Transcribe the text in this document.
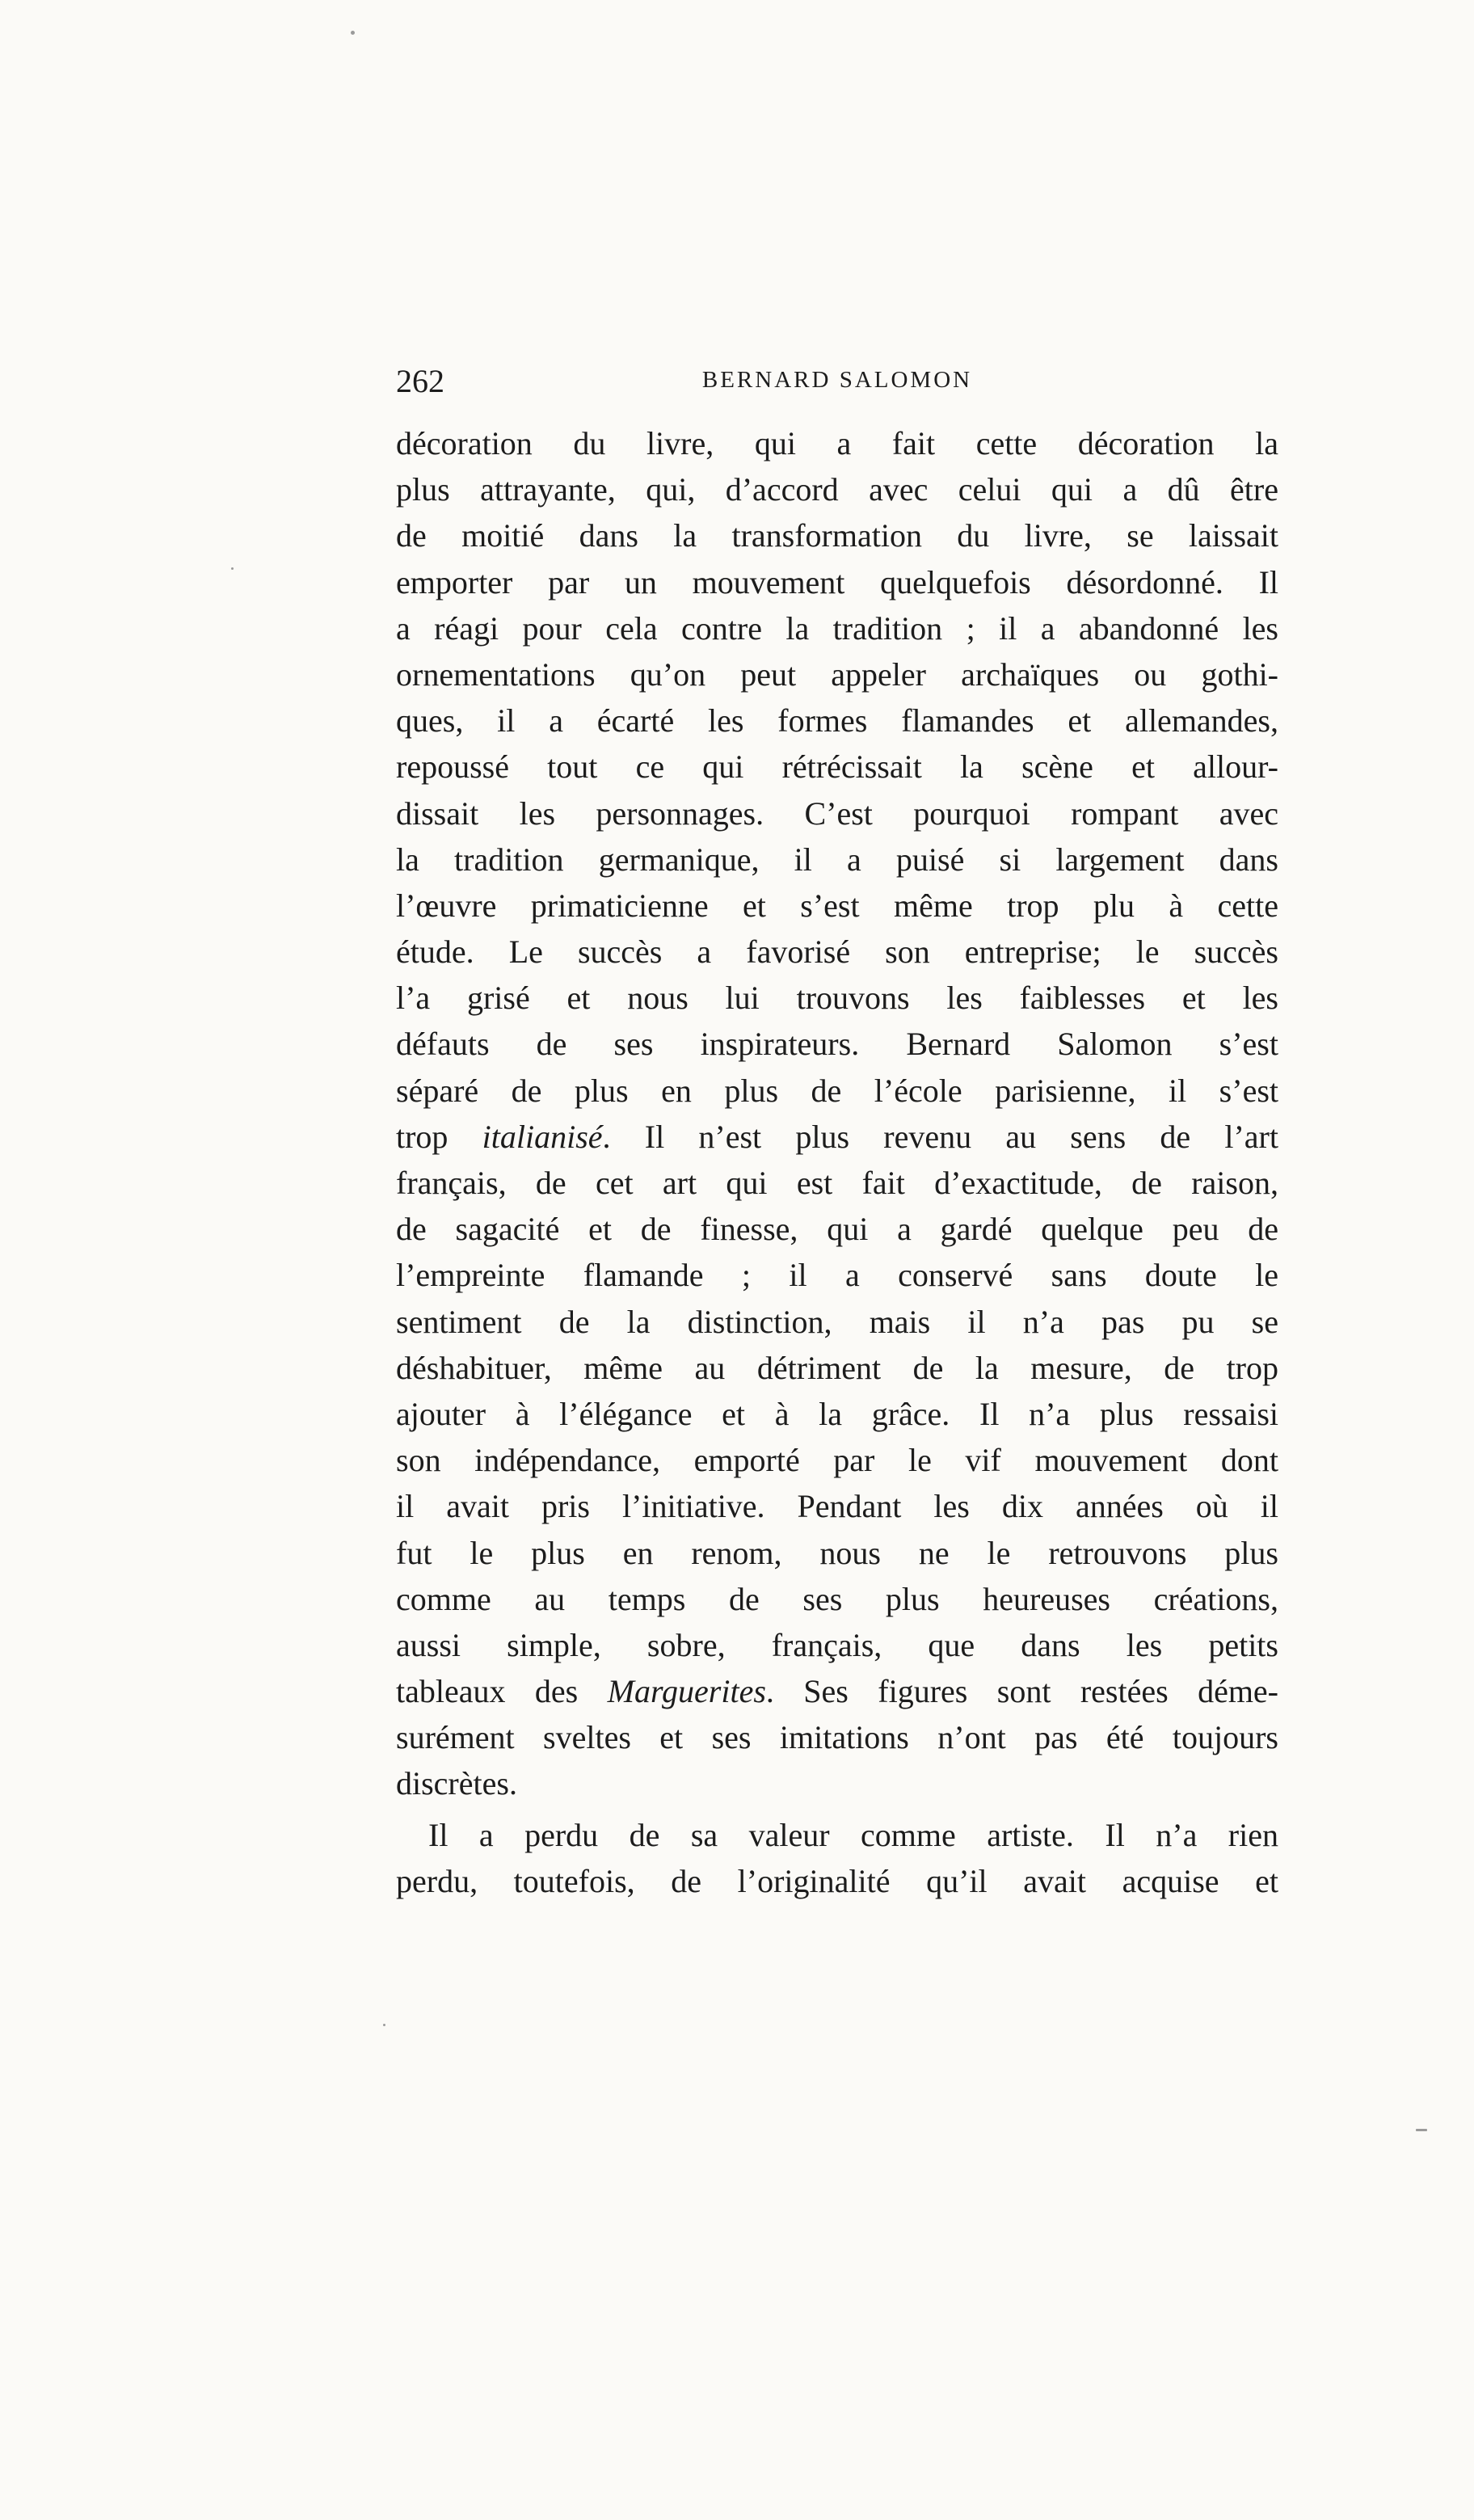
262	BERNARD SALOMON
décoration du livre, qui a fait cette décoration la
plus attrayante, qui, d’accord avec celui qui a dû être
de moitié dans la transformation du livre, se laissait
emporter par un mouvement quelquefois désordonné. Il
a réagi pour cela contre la tradition ; il a abandonné les
ornementations qu’on peut appeler archaïques ou gothi-
ques, il a écarté les formes flamandes et allemandes,
repoussé tout ce qui rétrécissait la scène et allour-
dissait les personnages. C’est pourquoi rompant avec
la tradition germanique, il a puisé si largement dans
l’œuvre primaticienne et s’est même trop plu à cette
étude. Le succès a favorisé son entreprise; le succès
l’a grisé et nous lui trouvons les faiblesses et les
défauts de ses inspirateurs. Bernard Salomon s’est
séparé de plus en plus de l’école parisienne, il s’est
trop italianisé. Il n’est plus revenu au sens de l’art
français, de cet art qui est fait d’exactitude, de raison,
de sagacité et de finesse, qui a gardé quelque peu de
l’empreinte flamande ; il a conservé sans doute le
sentiment de la distinction, mais il n’a pas pu se
déshabituer, même au détriment de la mesure, de trop
ajouter à l’élégance et à la grâce. Il n’a plus ressaisi
son indépendance, emporté par le vif mouvement dont
il avait pris l’initiative. Pendant les dix années où il
fut le plus en renom, nous ne le retrouvons plus
comme au temps de ses plus heureuses créations,
aussi simple, sobre, français, que dans les petits
tableaux des Marguerites. Ses figures sont restées déme-
surément sveltes et ses imitations n’ont pas été toujours
discrètes.
Il a perdu de sa valeur comme artiste. Il n’a rien
perdu, toutefois, de l’originalité qu’il avait acquise et
